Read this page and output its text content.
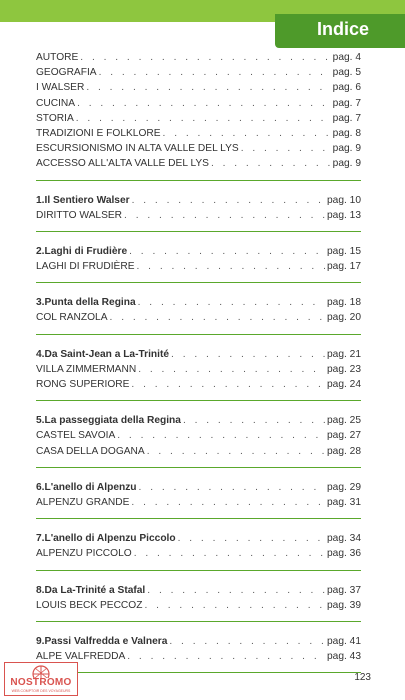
Indice
AUTORE . . .	pag. 4
GEOGRAFIA . . .	pag. 5
I WALSER . . .	pag. 6
CUCINA . . .	pag. 7
STORIA . . .	pag. 7
TRADIZIONI E FOLKLORE . . .	pag. 8
ESCURSIONISMO IN ALTA VALLE DEL LYS . . .	pag. 9
ACCESSO ALL'ALTA VALLE DEL LYS . . .	pag. 9
1.Il Sentiero Walser . . .	pag. 10
DIRITTO WALSER . . .	pag. 13
2.Laghi di Frudière . . .	pag. 15
LAGHI DI FRUDIÈRE . . .	pag. 17
3.Punta della Regina . . .	pag. 18
COL RANZOLA . . .	pag. 20
4.Da Saint-Jean a La-Trinité . . .	pag. 21
VILLA ZIMMERMANN . . .	pag. 23
RONG SUPERIORE . . .	pag. 24
5.La passeggiata della Regina . . .	pag. 25
CASTEL SAVOIA . . .	pag. 27
CASA DELLA DOGANA . . .	pag. 28
6.L'anello di Alpenzu . . .	pag. 29
ALPENZU GRANDE . . .	pag. 31
7.L'anello di Alpenzu Piccolo . . .	pag. 34
ALPENZU PICCOLO . . .	pag. 36
8.Da La-Trinité a Stafal . . .	pag. 37
LOUIS BECK PECCOZ . . .	pag. 39
9.Passi Valfredda e Valnera . . .	pag. 41
ALPE VALFREDDA . . .	pag. 43
123
NOSTROMO
WEB COMPTOIR DES VOYAGEURS
